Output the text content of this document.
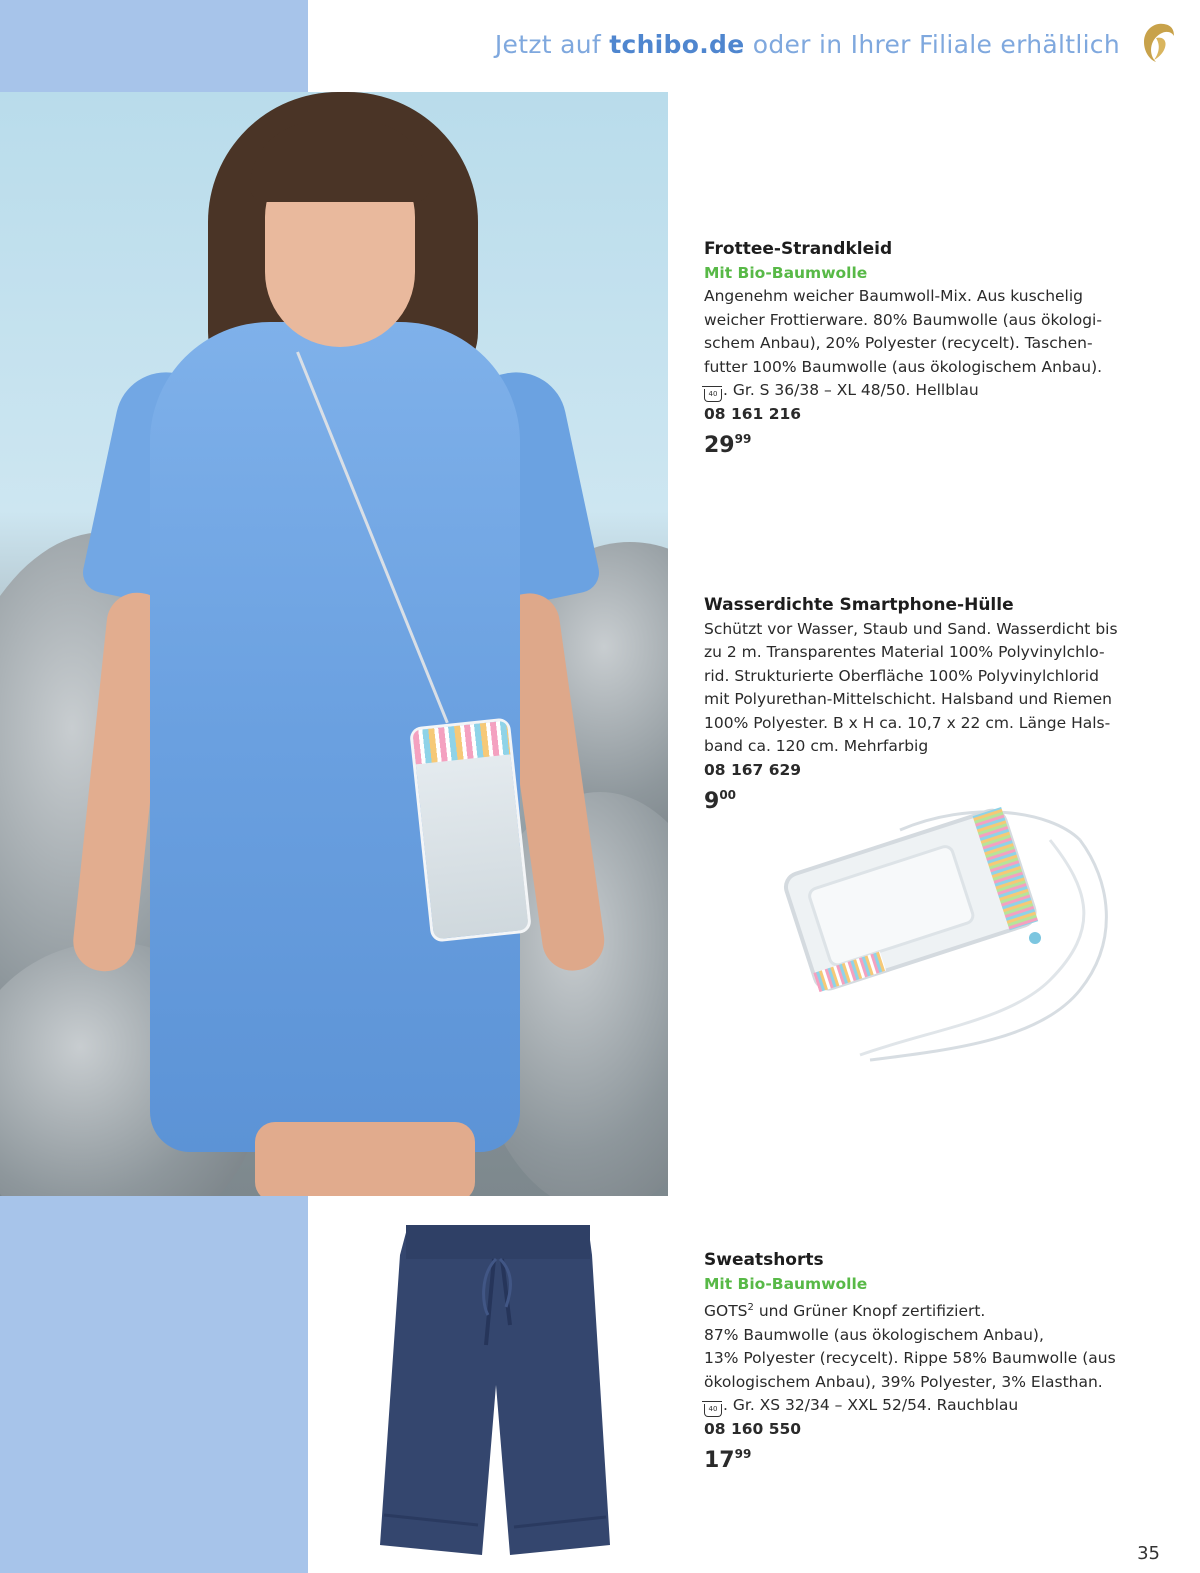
Jetzt auf tchibo.de oder in Ihrer Filiale erhältlich
Frottee-Strandkleid
Mit Bio-Baumwolle
Angenehm weicher Baumwoll-Mix. Aus kuschelig
weicher Frottierware. 80% Baumwolle (aus ökologi-
schem Anbau), 20% Polyester (recycelt). Taschen-
futter 100% Baumwolle (aus ökologischem Anbau).
40 . Gr. S 36/38 – XL 48/50. Hellblau
08 161 216
$29^{99}$
Wasserdichte Smartphone-Hülle
Schützt vor Wasser, Staub und Sand. Wasserdicht bis
zu 2 m. Transparentes Material 100% Polyvinylchlo-
rid. Strukturierte Oberfläche 100% Polyvinylchlorid
mit Polyurethan-Mittelschicht. Halsband und Riemen
100% Polyester. B x H ca. 10,7 x 22 cm. Länge Hals-
band ca. 120 cm. Mehrfarbig
08 167 629
$9^{00}$
Sweatshorts
Mit Bio-Baumwolle
GOTS$^2$ und Grüner Knopf zertifiziert.
87% Baumwolle (aus ökologischem Anbau),
13% Polyester (recycelt). Rippe 58% Baumwolle (aus
ökologischem Anbau), 39% Polyester, 3% Elasthan.
40 . Gr. XS 32/34 – XXL 52/54. Rauchblau
08 160 550
$17^{99}$
35
